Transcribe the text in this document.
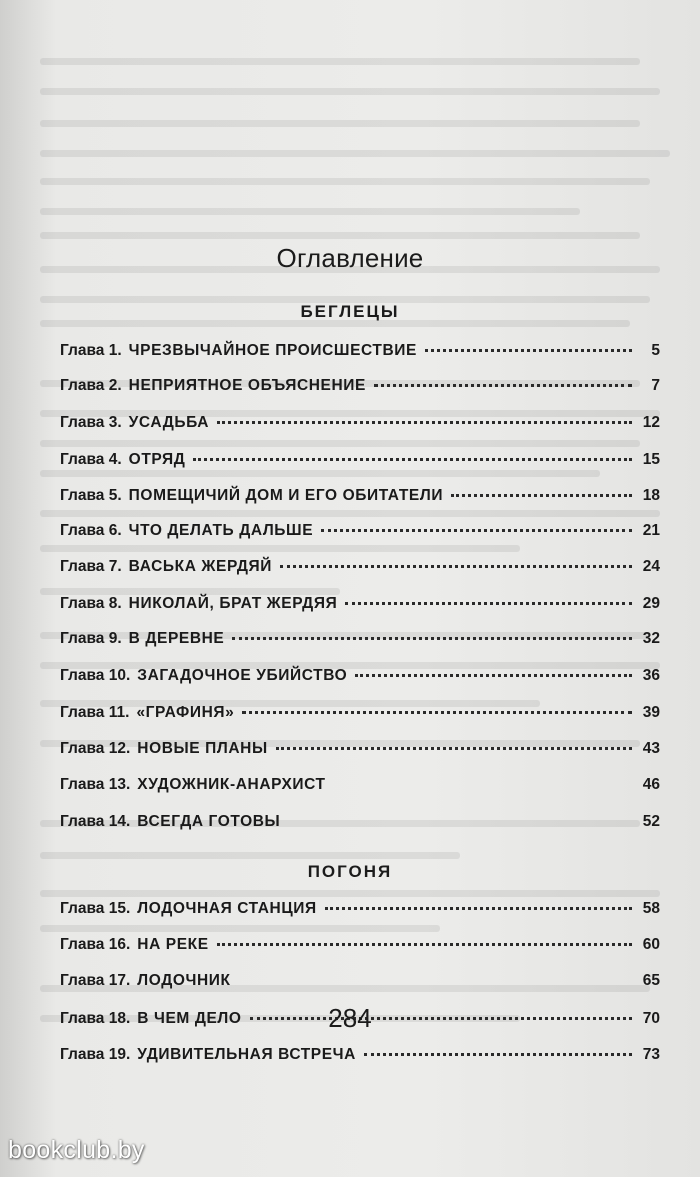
Оглавление
БЕГЛЕЦЫ
Глава 1. ЧРЕЗВЫЧАЙНОЕ ПРОИСШЕСТВИЕ	5
Глава 2. НЕПРИЯТНОЕ ОБЪЯСНЕНИЕ	7
Глава 3. УСАДЬБА	12
Глава 4. ОТРЯД	15
Глава 5. ПОМЕЩИЧИЙ ДОМ И ЕГО ОБИТАТЕЛИ	18
Глава 6. ЧТО ДЕЛАТЬ ДАЛЬШЕ	21
Глава 7. ВАСЬКА ЖЕРДЯЙ	24
Глава 8. НИКОЛАЙ, БРАТ ЖЕРДЯЯ	29
Глава 9. В ДЕРЕВНЕ	32
Глава 10. ЗАГАДОЧНОЕ УБИЙСТВО	36
Глава 11. «ГРАФИНЯ»	39
Глава 12. НОВЫЕ ПЛАНЫ	43
Глава 13. ХУДОЖНИК-АНАРХИСТ	46
Глава 14. ВСЕГДА ГОТОВЫ	52
ПОГОНЯ
Глава 15. ЛОДОЧНАЯ СТАНЦИЯ	58
Глава 16. НА РЕКЕ	60
Глава 17. ЛОДОЧНИК	65
Глава 18. В ЧЕМ ДЕЛО	70
Глава 19. УДИВИТЕЛЬНАЯ ВСТРЕЧА	73
284
bookclub.by
